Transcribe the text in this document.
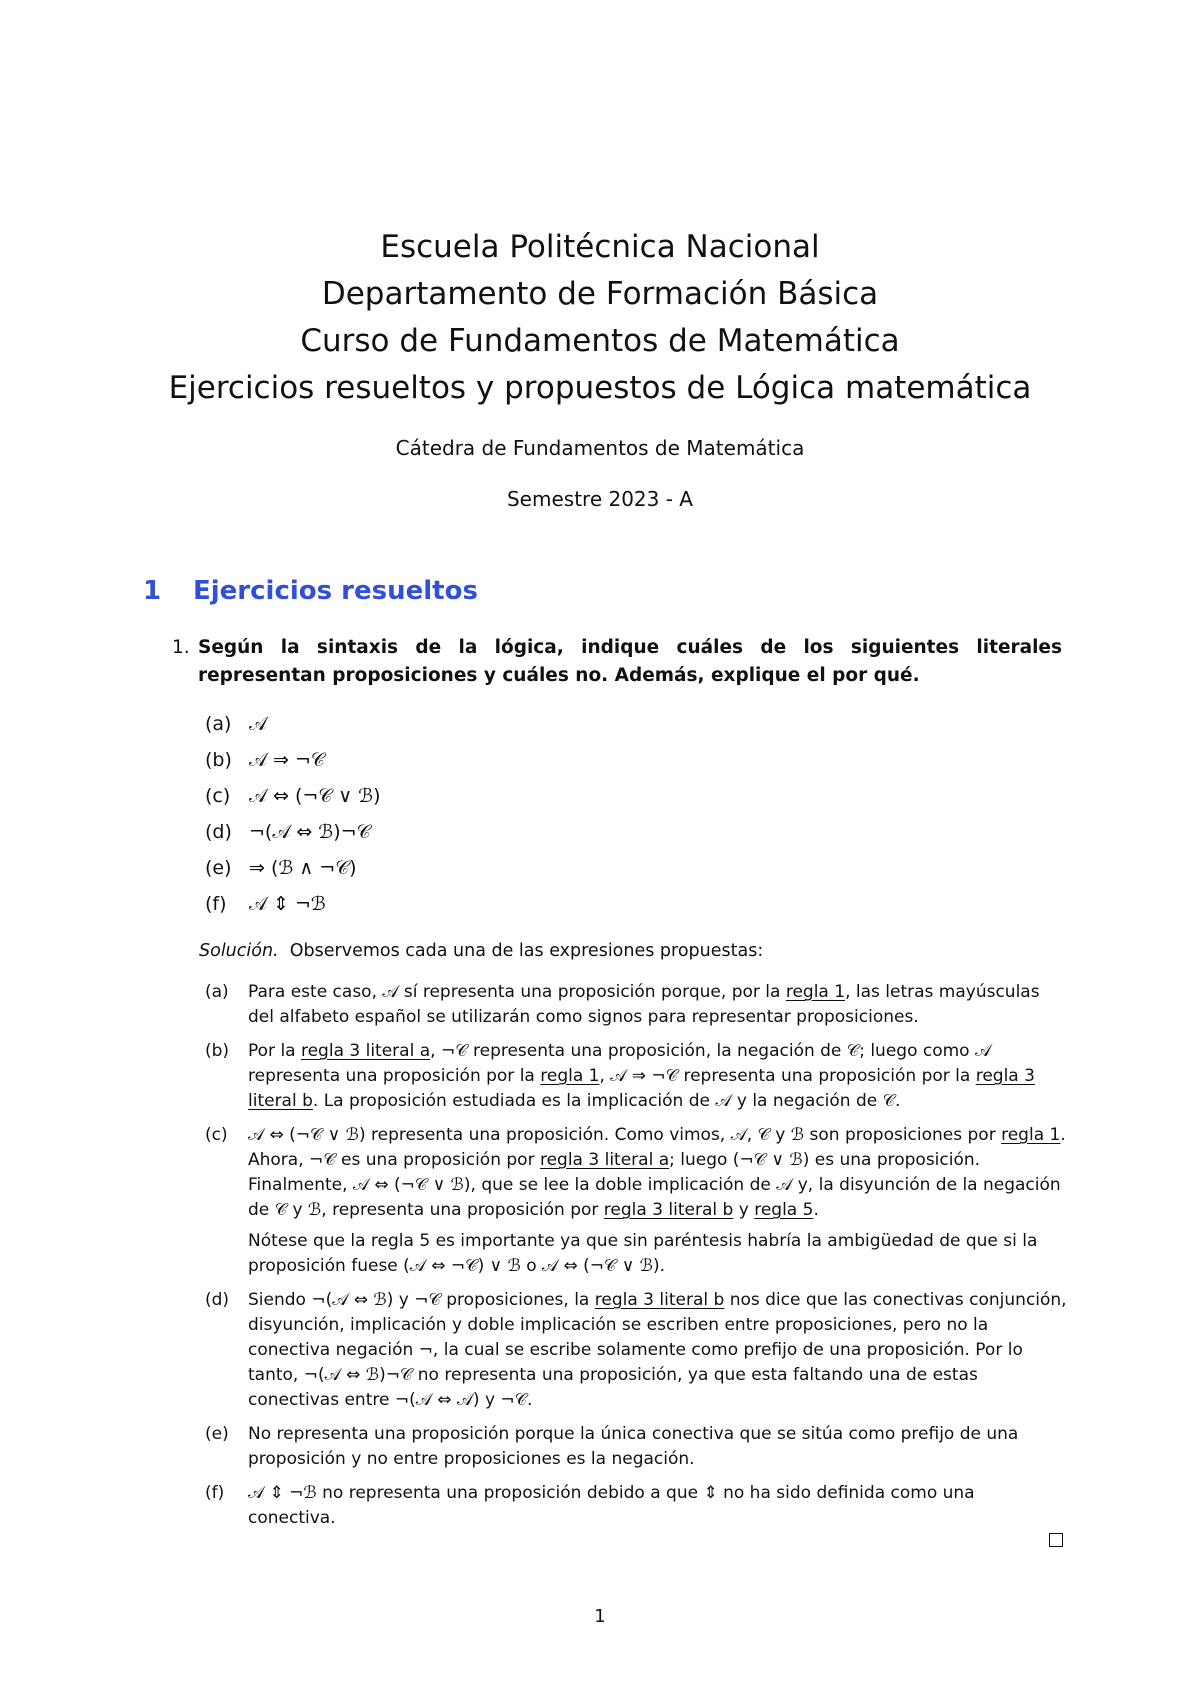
Escuela Politécnica Nacional
Departamento de Formación Básica
Curso de Fundamentos de Matemática
Ejercicios resueltos y propuestos de Lógica matemática
Cátedra de Fundamentos de Matemática
Semestre 2023 - A
1 Ejercicios resueltos
1. Según la sintaxis de la lógica, indique cuáles de los siguientes literales representan proposiciones y cuáles no. Además, explique el por qué.
(a) 𝒜
(b) 𝒜 ⇒ ¬𝒞
(c) 𝒜 ⇔ (¬𝒞 ∨ ℬ)
(d) ¬(𝒜 ⇔ ℬ)¬𝒞
(e) ⇒ (ℬ ∧ ¬𝒞)
(f) 𝒜 ⇕ ¬ℬ
Solución. Observemos cada una de las expresiones propuestas:
(a) Para este caso, 𝒜 sí representa una proposición porque, por la regla 1, las letras mayúsculas del alfabeto español se utilizarán como signos para representar proposiciones.

(b) Por la regla 3 literal a, ¬𝒞 representa una proposición, la negación de 𝒞; luego como 𝒜 representa una proposición por la regla 1, 𝒜 ⇒ ¬𝒞 representa una proposición por la regla 3 literal b. La proposición estudiada es la implicación de 𝒜 y la negación de 𝒞.

(c) 𝒜 ⇔ (¬𝒞 ∨ ℬ) representa una proposición. Como vimos, 𝒜, 𝒞 y ℬ son proposiciones por regla 1. Ahora, ¬𝒞 es una proposición por regla 3 literal a; luego (¬𝒞 ∨ ℬ) es una proposición. Finalmente, 𝒜 ⇔ (¬𝒞 ∨ ℬ), que se lee la doble implicación de 𝒜 y, la disyunción de la negación de 𝒞 y ℬ, representa una proposición por regla 3 literal b y regla 5.

Nótese que la regla 5 es importante ya que sin paréntesis habría la ambigüedad de que si la proposición fuese (𝒜 ⇔ ¬𝒞) ∨ ℬ o 𝒜 ⇔ (¬𝒞 ∨ ℬ).

(d) Siendo ¬(𝒜 ⇔ ℬ) y ¬𝒞 proposiciones, la regla 3 literal b nos dice que las conectivas conjunción, disyunción, implicación y doble implicación se escriben entre proposiciones, pero no la conectiva negación ¬, la cual se escribe solamente como prefijo de una proposición. Por lo tanto, ¬(𝒜 ⇔ ℬ)¬𝒞 no representa una proposición, ya que esta faltando una de estas conectivas entre ¬(𝒜 ⇔ 𝒜) y ¬𝒞.

(e) No representa una proposición porque la única conectiva que se sitúa como prefijo de una proposición y no entre proposiciones es la negación.

(f) 𝒜 ⇕ ¬ℬ no representa una proposición debido a que ⇕ no ha sido definida como una conectiva.

1
